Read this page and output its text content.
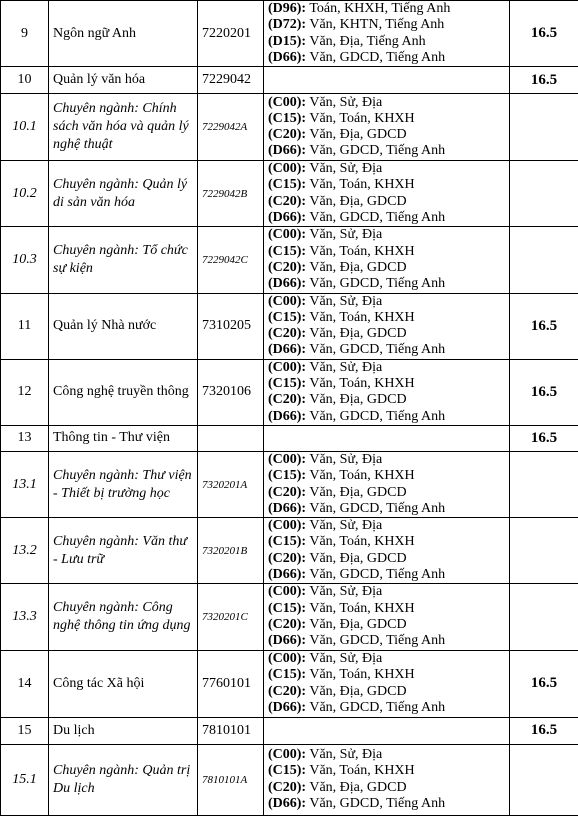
9	Ngôn ngữ Anh	7220201	(D96): Toán, KHXH, Tiếng Anh
(D72): Văn, KHTN, Tiếng Anh
(D15): Văn, Địa, Tiếng Anh
(D66): Văn, GDCD, Tiếng Anh	16.5
10	Quản lý văn hóa	7229042		16.5
10.1	Chuyên ngành: Chính sách văn hóa và quản lý nghệ thuật	7229042A	(C00): Văn, Sử, Địa
(C15): Văn, Toán, KHXH
(C20): Văn, Địa, GDCD
(D66): Văn, GDCD, Tiếng Anh	

10.2	Chuyên ngành: Quản lý di sản văn hóa	7229042B	(C00): Văn, Sử, Địa
(C15): Văn, Toán, KHXH
(C20): Văn, Địa, GDCD
(D66): Văn, GDCD, Tiếng Anh	

10.3	Chuyên ngành: Tổ chức sự kiện	7229042C	(C00): Văn, Sử, Địa
(C15): Văn, Toán, KHXH
(C20): Văn, Địa, GDCD
(D66): Văn, GDCD, Tiếng Anh	

11	Quản lý Nhà nước	7310205	(C00): Văn, Sử, Địa
(C15): Văn, Toán, KHXH
(C20): Văn, Địa, GDCD
(D66): Văn, GDCD, Tiếng Anh	16.5
12	Công nghệ truyền thông	7320106	(C00): Văn, Sử, Địa
(C15): Văn, Toán, KHXH
(C20): Văn, Địa, GDCD
(D66): Văn, GDCD, Tiếng Anh	16.5
13	Thông tin - Thư viện			16.5
13.1	Chuyên ngành: Thư viện - Thiết bị trường học	7320201A	(C00): Văn, Sử, Địa
(C15): Văn, Toán, KHXH
(C20): Văn, Địa, GDCD
(D66): Văn, GDCD, Tiếng Anh	

13.2	Chuyên ngành: Văn thư - Lưu trữ	7320201B	(C00): Văn, Sử, Địa
(C15): Văn, Toán, KHXH
(C20): Văn, Địa, GDCD
(D66): Văn, GDCD, Tiếng Anh	

13.3	Chuyên ngành: Công nghệ thông tin ứng dụng	7320201C	(C00): Văn, Sử, Địa
(C15): Văn, Toán, KHXH
(C20): Văn, Địa, GDCD
(D66): Văn, GDCD, Tiếng Anh	

14	Công tác Xã hội	7760101	(C00): Văn, Sử, Địa
(C15): Văn, Toán, KHXH
(C20): Văn, Địa, GDCD
(D66): Văn, GDCD, Tiếng Anh	16.5
15	Du lịch	7810101		16.5
15.1	Chuyên ngành: Quản trị Du lịch	7810101A	(C00): Văn, Sử, Địa
(C15): Văn, Toán, KHXH
(C20): Văn, Địa, GDCD
(D66): Văn, GDCD, Tiếng Anh	
